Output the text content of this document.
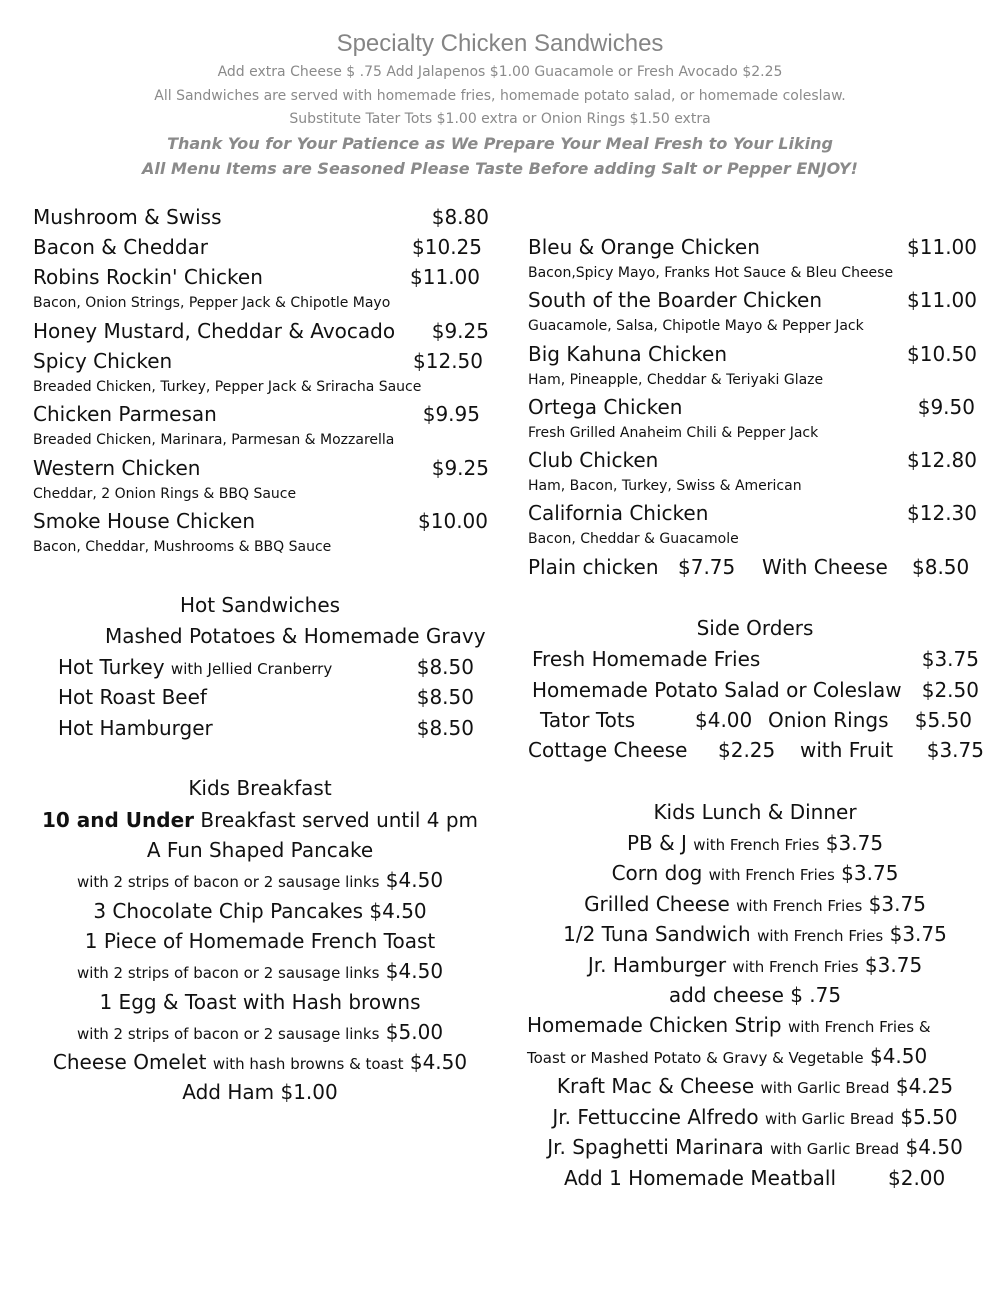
Specialty Chicken Sandwiches
Add extra Cheese $ .75 Add Jalapenos $1.00 Guacamole or Fresh Avocado $2.25
All Sandwiches are served with homemade fries, homemade potato salad, or homemade coleslaw.
Substitute Tater Tots $1.00 extra or Onion Rings $1.50 extra
Thank You for Your Patience as We Prepare Your Meal Fresh to Your Liking
All Menu Items are Seasoned Please Taste Before adding Salt or Pepper ENJOY!
Mushroom & Swiss	$8.80
Bacon & Cheddar	$10.25
Robins Rockin' Chicken	$11.00
Bacon, Onion Strings, Pepper Jack & Chipotle Mayo
Honey Mustard, Cheddar & Avocado	$9.25
Spicy Chicken	$12.50
Breaded Chicken, Turkey, Pepper Jack & Sriracha Sauce
Chicken Parmesan	$9.95
Breaded Chicken, Marinara, Parmesan & Mozzarella
Western Chicken	$9.25
Cheddar, 2 Onion Rings & BBQ Sauce
Smoke House Chicken	$10.00
Bacon, Cheddar, Mushrooms & BBQ Sauce
Bleu & Orange Chicken	$11.00
Bacon,Spicy Mayo, Franks Hot Sauce & Bleu Cheese
South of the Boarder Chicken	$11.00
Guacamole, Salsa, Chipotle Mayo & Pepper Jack
Big Kahuna Chicken	$10.50
Ham, Pineapple, Cheddar & Teriyaki Glaze
Ortega Chicken	$9.50
Fresh Grilled Anaheim Chili & Pepper Jack
Club Chicken	$12.80
Ham, Bacon, Turkey, Swiss & American
California Chicken	$12.30
Bacon, Cheddar & Guacamole
Plain chicken $7.75 With Cheese $8.50
Hot Sandwiches
Mashed Potatoes & Homemade Gravy
Hot Turkey with Jellied Cranberry	$8.50
Hot Roast Beef	$8.50
Hot Hamburger	$8.50
Side Orders
Fresh Homemade Fries	$3.75
Homemade Potato Salad or Coleslaw	$2.50
Tator Tots	$4.00 Onion Rings	$5.50
Cottage Cheese $2.25 with Fruit	$3.75
Kids Breakfast
10 and Under Breakfast served until 4 pm
A Fun Shaped Pancake
with 2 strips of bacon or 2 sausage links $4.50
3 Chocolate Chip Pancakes $4.50
1 Piece of Homemade French Toast
with 2 strips of bacon or 2 sausage links $4.50
1 Egg & Toast with Hash browns
with 2 strips of bacon or 2 sausage links $5.00
Cheese Omelet with hash browns & toast $4.50
Add Ham $1.00
Kids Lunch & Dinner
PB & J with French Fries $3.75
Corn dog with French Fries $3.75
Grilled Cheese with French Fries $3.75
1/2 Tuna Sandwich with French Fries $3.75
Jr. Hamburger with French Fries $3.75
add cheese $ .75
Homemade Chicken Strip with French Fries &
Toast or Mashed Potato & Gravy & Vegetable $4.50
Kraft Mac & Cheese with Garlic Bread $4.25
Jr. Fettuccine Alfredo with Garlic Bread $5.50
Jr. Spaghetti Marinara with Garlic Bread $4.50
Add 1 Homemade Meatball	$2.00
